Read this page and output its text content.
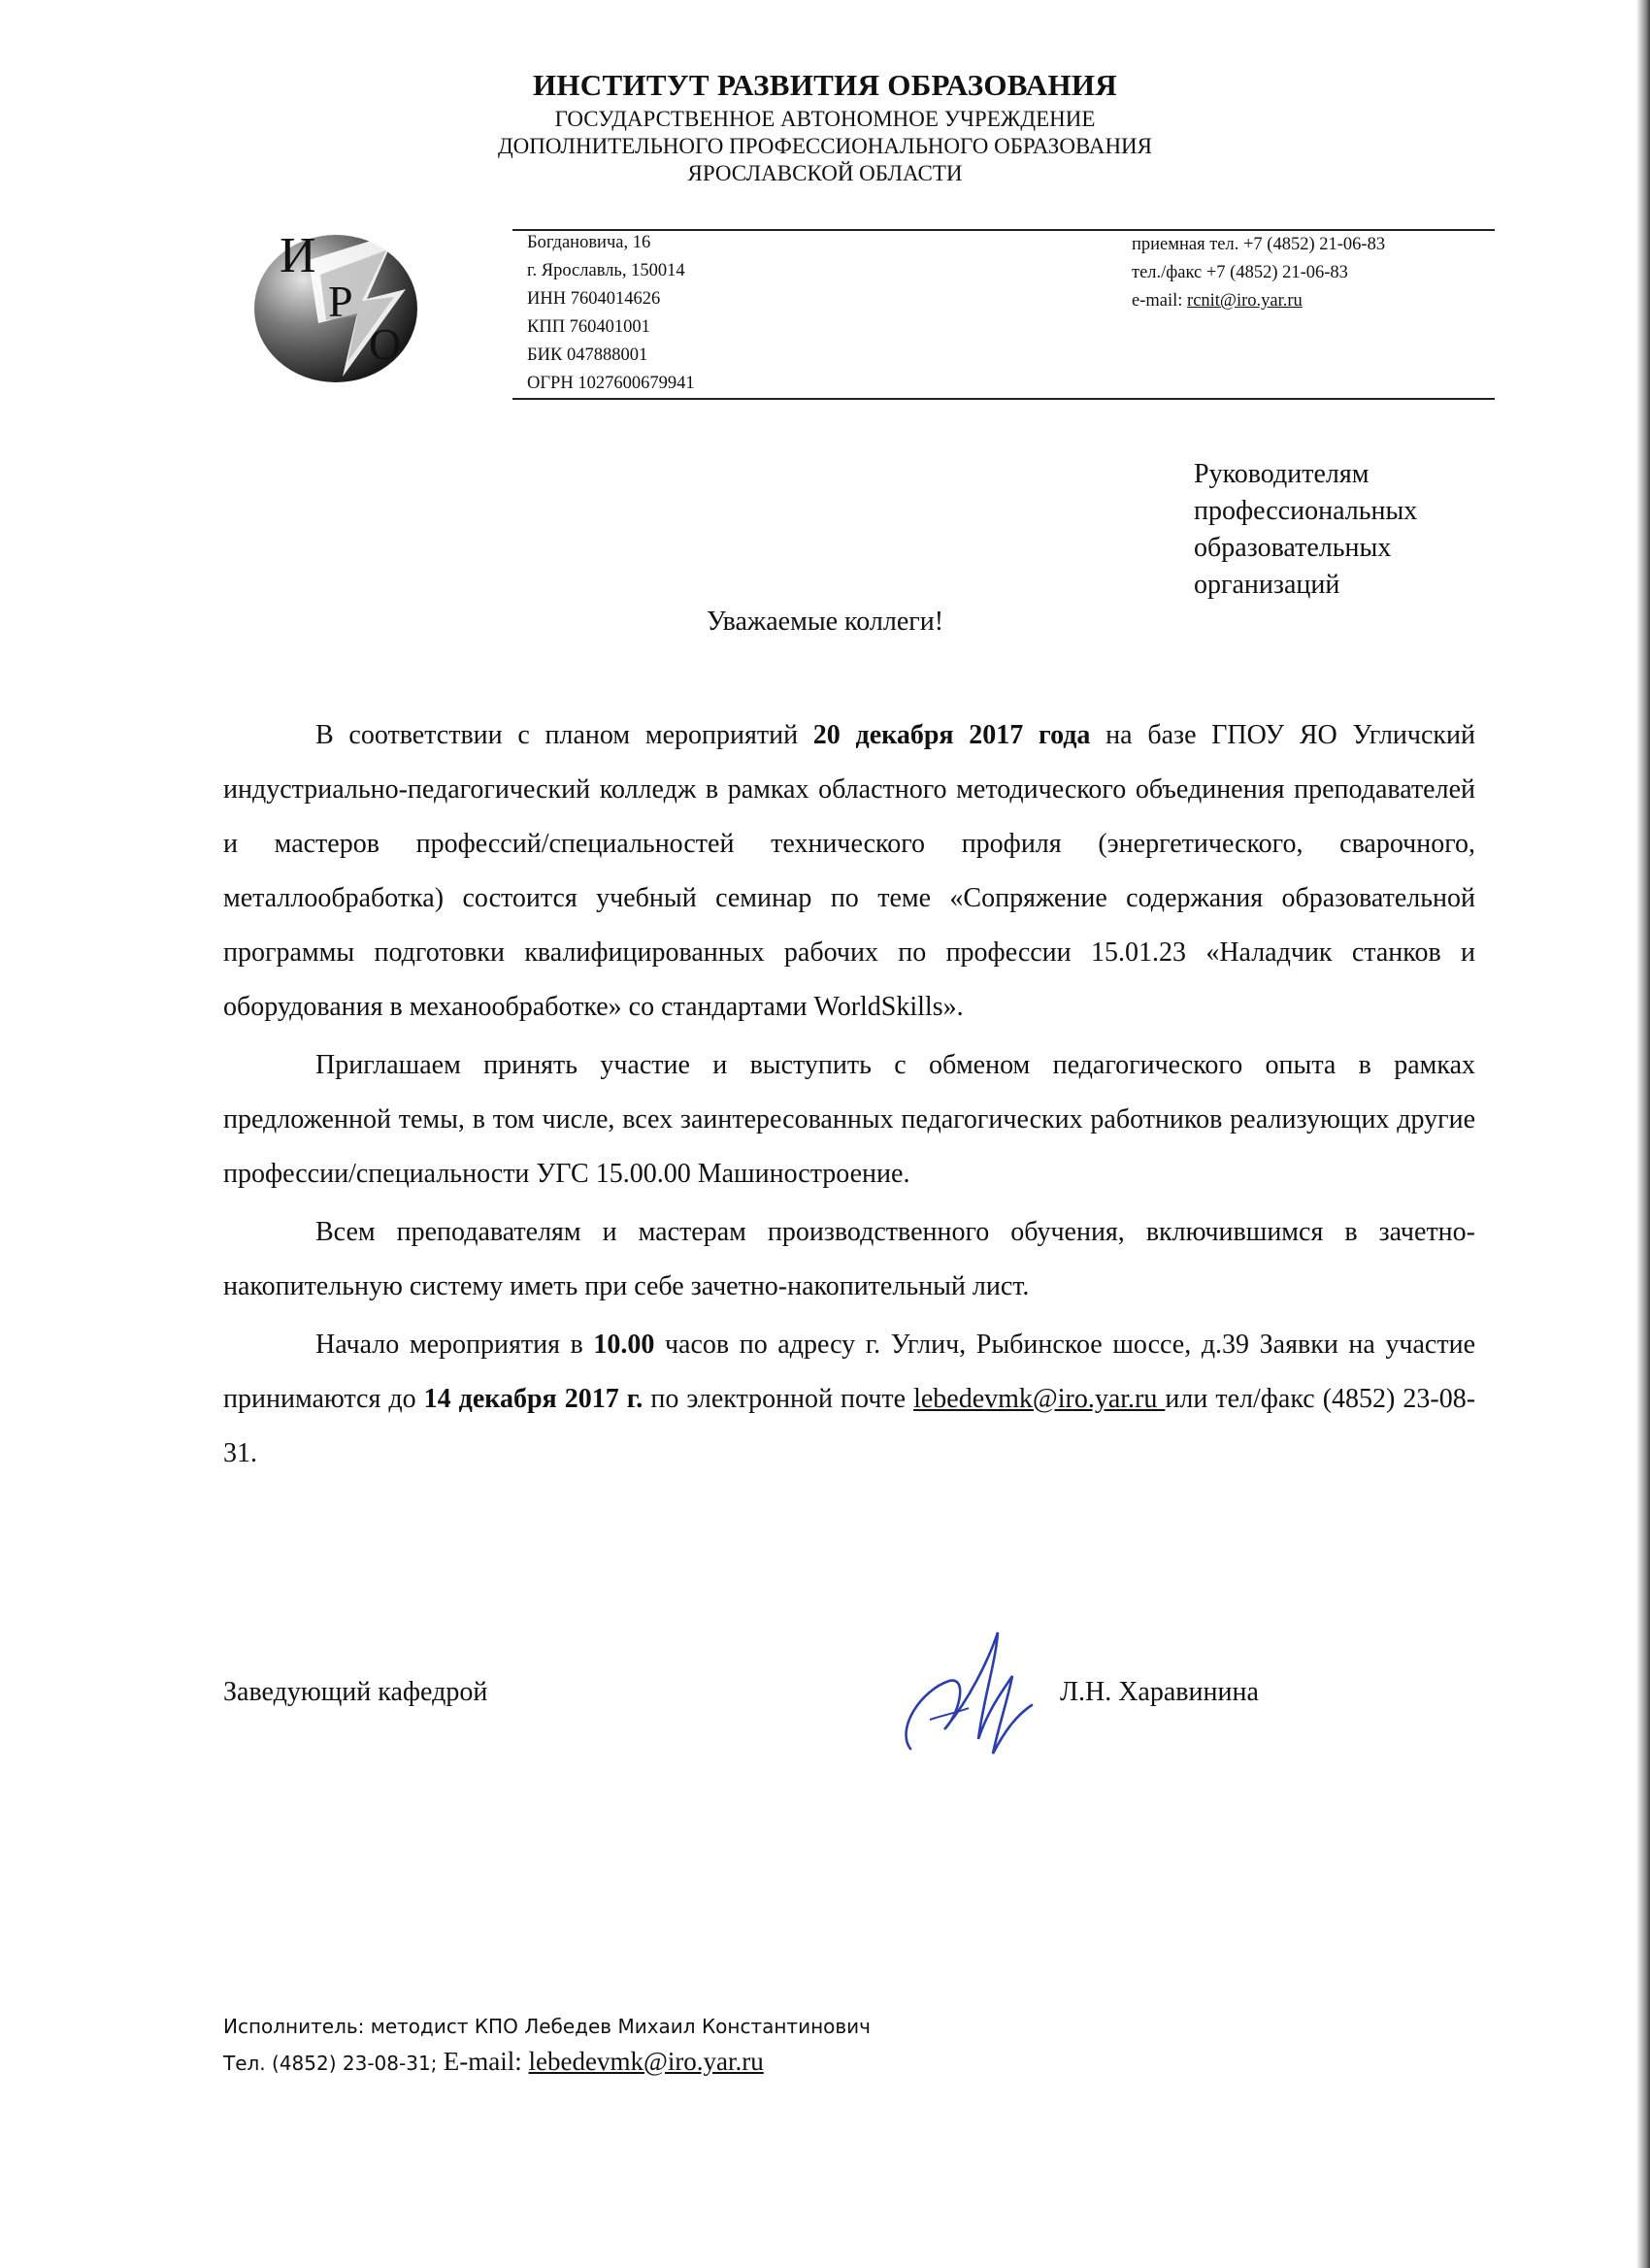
ИНСТИТУТ РАЗВИТИЯ ОБРАЗОВАНИЯ
ГОСУДАРСТВЕННОЕ АВТОНОМНОЕ УЧРЕЖДЕНИЕ
ДОПОЛНИТЕЛЬНОГО ПРОФЕССИОНАЛЬНОГО ОБРАЗОВАНИЯ
ЯРОСЛАВСКОЙ ОБЛАСТИ
И
Р
О
Богдановича, 16
г. Ярославль, 150014
ИНН 7604014626
КПП 760401001
БИК 047888001
ОГРН 1027600679941
приемная тел. +7 (4852) 21-06-83
тел./факс +7 (4852) 21-06-83
e-mail: rcnit@iro.yar.ru
Руководителям
профессиональных
образовательных
организаций
Уважаемые коллеги!

В соответствии с планом мероприятий 20 декабря 2017 года на базе ГПОУ ЯО Угличский индустриально-педагогический колледж в рамках областного методического объединения преподавателей и мастеров профессий/специальностей технического профиля (энергетического, сварочного, металлообработка) состоится учебный семинар по теме «Сопряжение содержания образовательной программы подготовки квалифицированных рабочих по профессии 15.01.23 «Наладчик станков и оборудования в механообработке» со стандартами WorldSkills».

Приглашаем принять участие и выступить с обменом педагогического опыта в рамках предложенной темы, в том числе, всех заинтересованных педагогических работников реализующих другие профессии/специальности УГС 15.00.00 Машиностроение.

Всем преподавателям и мастерам производственного обучения, включившимся в зачетно-накопительную систему иметь при себе зачетно-накопительный лист.

Начало мероприятия в 10.00 часов по адресу г. Углич, Рыбинское шоссе, д.39 Заявки на участие принимаются до 14 декабря 2017 г. по электронной почте lebedevmk@iro.yar.ru или тел/факс (4852) 23-08-31.

Заведующий кафедрой	Л.Н. Харавинина
Исполнитель: методист КПО Лебедев Михаил Константинович
Тел. (4852) 23-08-31; E-mail: lebedevmk@iro.yar.ru
